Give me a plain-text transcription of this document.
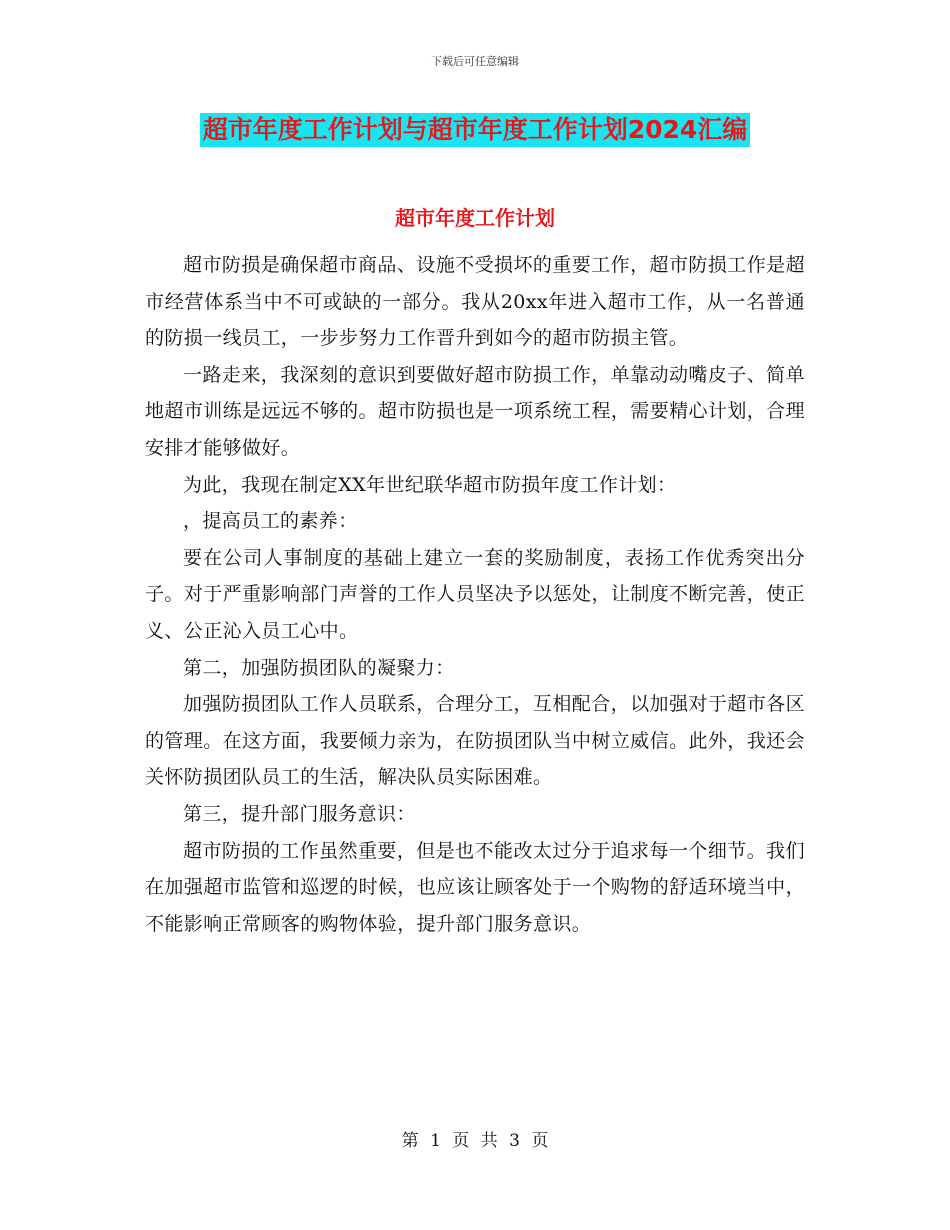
下载后可任意编辑
超市年度工作计划与超市年度工作计划2024汇编
超市年度工作计划

超市防损是确保超市商品、设施不受损坏的重要工作，超市防损工作是超市经营体系当中不可或缺的一部分。我从20xx年进入超市工作，从一名普通的防损一线员工，一步步努力工作晋升到如今的超市防损主管。

一路走来，我深刻的意识到要做好超市防损工作，单靠动动嘴皮子、简单地超市训练是远远不够的。超市防损也是一项系统工程，需要精心计划，合理安排才能够做好。

为此，我现在制定XX年世纪联华超市防损年度工作计划：

，提高员工的素养：

要在公司人事制度的基础上建立一套的奖励制度，表扬工作优秀突出分子。对于严重影响部门声誉的工作人员坚决予以惩处，让制度不断完善，使正义、公正沁入员工心中。

第二，加强防损团队的凝聚力：

加强防损团队工作人员联系，合理分工，互相配合，以加强对于超市各区的管理。在这方面，我要倾力亲为，在防损团队当中树立威信。此外，我还会关怀防损团队员工的生活，解决队员实际困难。

第三，提升部门服务意识：

超市防损的工作虽然重要，但是也不能改太过分于追求每一个细节。我们在加强超市监管和巡逻的时候，也应该让顾客处于一个购物的舒适环境当中，不能影响正常顾客的购物体验，提升部门服务意识。

第 1 页 共 3 页
